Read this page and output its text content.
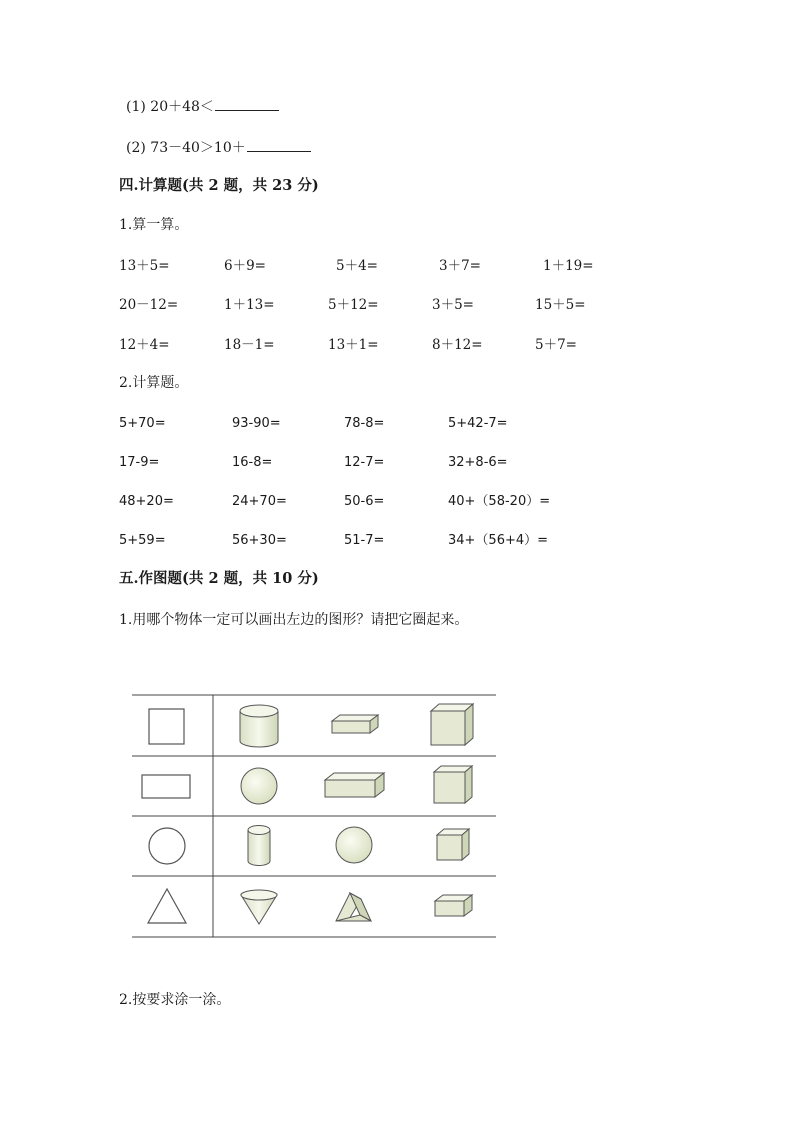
(1) 20＋48＜
(2) 73－40＞10＋
四.计算题(共 2 题，共 23 分)
1.算一算。
13＋5=	6＋9=	5＋4=	3＋7=	1＋19=
20－12=	1＋13=	5＋12=	3＋5=	15＋5=
12＋4=	18－1=	13＋1=	8＋12=	5＋7=
2.计算题。
5+70=	93-90=	78-8=	5+42-7=
17-9=	16-8=	12-7=	32+8-6=
48+20=	24+70=	50-6=	40+（58-20）=
5+59=	56+30=	51-7=	34+（56+4）=
五.作图题(共 2 题，共 10 分)
1.用哪个物体一定可以画出左边的图形？请把它圈起来。
2.按要求涂一涂。
